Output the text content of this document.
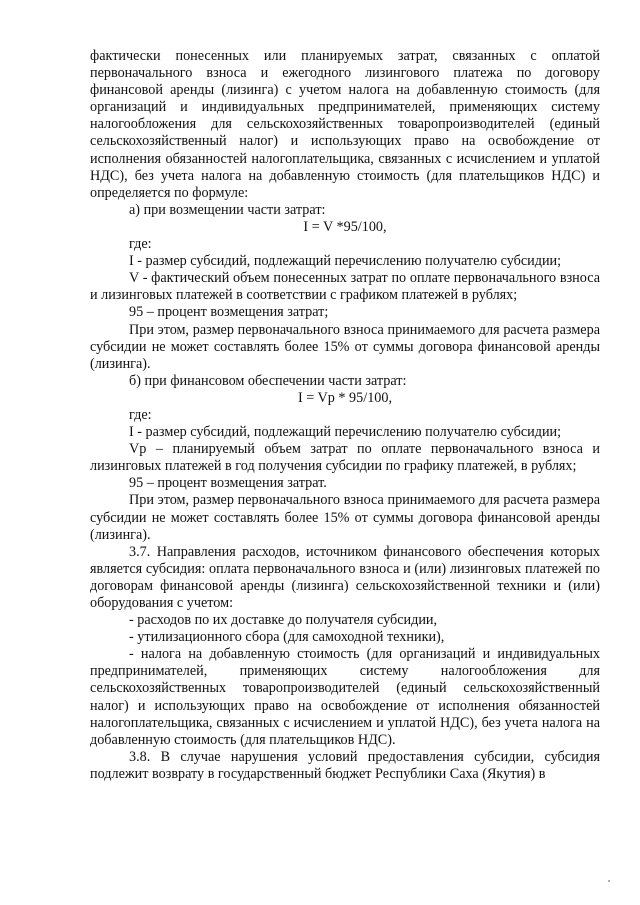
фактически понесенных или планируемых затрат, связанных с оплатой первоначального взноса и ежегодного лизингового платежа по договору финансовой аренды (лизинга) с учетом налога на добавленную стоимость (для организаций и индивидуальных предпринимателей, применяющих систему налогообложения для сельскохозяйственных товаропроизводителей (единый сельскохозяйственный налог) и использующих право на освобождение от исполнения обязанностей налогоплательщика, связанных с исчислением и уплатой НДС), без учета налога на добавленную стоимость (для плательщиков НДС) и определяется по формуле:

а) при возмещении части затрат:

I = V *95/100,

где:

I - размер субсидий, подлежащий перечислению получателю субсидии;

V - фактический объем понесенных затрат по оплате первоначального взноса и лизинговых платежей в соответствии с графиком платежей в рублях;

95 – процент возмещения затрат;

При этом, размер первоначального взноса принимаемого для расчета размера субсидии не может составлять более 15% от суммы договора финансовой аренды (лизинга).

б) при финансовом обеспечении части затрат:

I = Vp * 95/100,

где:

I - размер субсидий, подлежащий перечислению получателю субсидии;

Vp – планируемый объем затрат по оплате первоначального взноса и лизинговых платежей в год получения субсидии по графику платежей, в рублях;

95 – процент возмещения затрат.

При этом, размер первоначального взноса принимаемого для расчета размера субсидии не может составлять более 15% от суммы договора финансовой аренды (лизинга).

3.7. Направления расходов, источником финансового обеспечения которых является субсидия: оплата первоначального взноса и (или) лизинговых платежей по договорам финансовой аренды (лизинга) сельскохозяйственной техники и (или) оборудования с учетом:

- расходов по их доставке до получателя субсидии,

- утилизационного сбора (для самоходной техники),

- налога на добавленную стоимость (для организаций и индивидуальных предпринимателей, применяющих систему налогообложения для сельскохозяйственных товаропроизводителей (единый сельскохозяйственный налог) и использующих право на освобождение от исполнения обязанностей налогоплательщика, связанных с исчислением и уплатой НДС), без учета налога на добавленную стоимость (для плательщиков НДС).

3.8. В случае нарушения условий предоставления субсидии, субсидия подлежит возврату в государственный бюджет Республики Саха (Якутия) в
